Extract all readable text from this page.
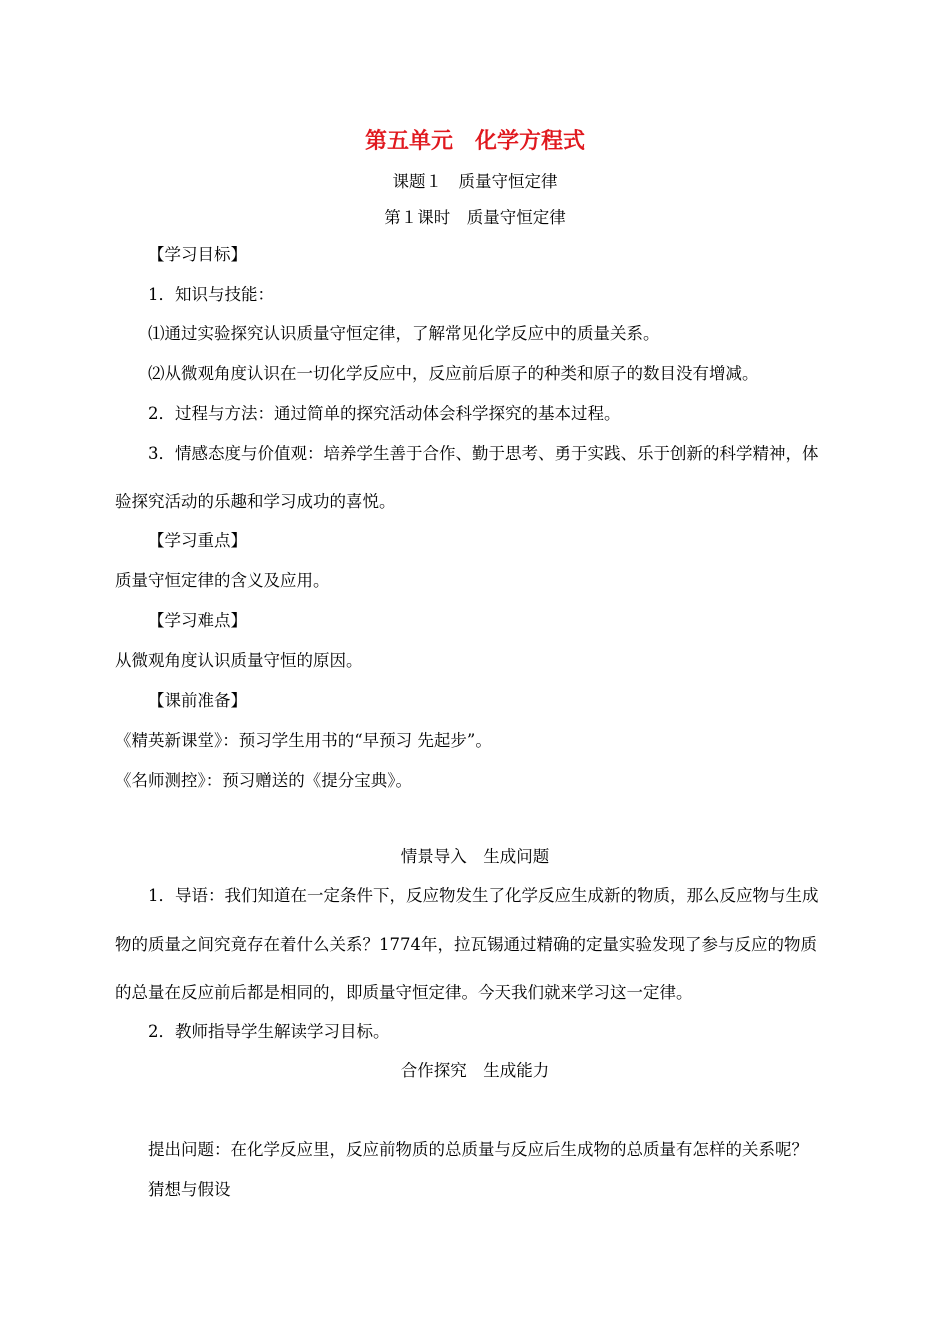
第五单元　化学方程式
课题１　质量守恒定律
第１课时　质量守恒定律
【学习目标】
1．知识与技能：
⑴通过实验探究认识质量守恒定律，了解常见化学反应中的质量关系。
⑵从微观角度认识在一切化学反应中，反应前后原子的种类和原子的数目没有增减。
2．过程与方法：通过简单的探究活动体会科学探究的基本过程。
3．情感态度与价值观：培养学生善于合作、勤于思考、勇于实践、乐于创新的科学精神，体
验探究活动的乐趣和学习成功的喜悦。
【学习重点】
质量守恒定律的含义及应用。
【学习难点】
从微观角度认识质量守恒的原因。
【课前准备】
《精英新课堂》：预习学生用书的“早预习 先起步”。
《名师测控》：预习赠送的《提分宝典》。
情景导入　生成问题
1．导语：我们知道在一定条件下，反应物发生了化学反应生成新的物质，那么反应物与生成
物的质量之间究竟存在着什么关系？1774年，拉瓦锡通过精确的定量实验发现了参与反应的物质
的总量在反应前后都是相同的，即质量守恒定律。今天我们就来学习这一定律。
2．教师指导学生解读学习目标。
合作探究　生成能力
提出问题：在化学反应里，反应前物质的总质量与反应后生成物的总质量有怎样的关系呢？
猜想与假设
